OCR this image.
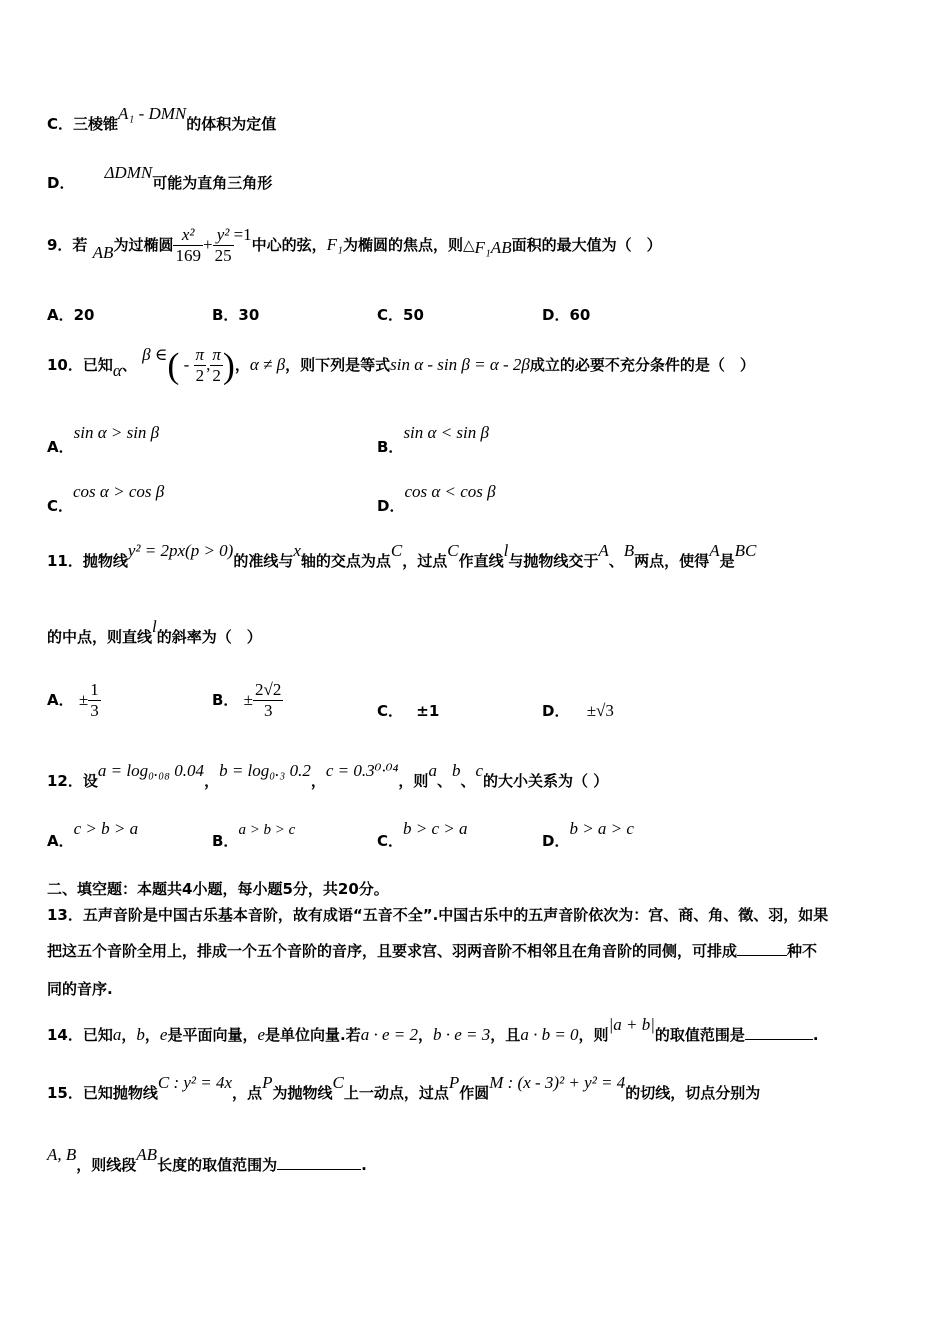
C．三棱锥A₁ - DMN的体积为定值
D．ΔDMN可能为直角三角形
9．若 AB为过椭圆 $\frac{\text{x²}}{169} + \frac{\text{y²}}{25} =1$中心的弦，F₁为椭圆的焦点，则△F₁AB面积的最大值为（　）
A．20	B．30	C．50	D．60
10．已知α、 β ∈( - $\frac{\pi}{2}$ , $\frac{\pi}{2}$ )，α ≠ β，则下列是等式sin α - sin β = α - 2β成立的必要不充分条件的是（　）
A．sin α > sin β
B．sin α < sin β
C．cos α > cos β
D．cos α < cos β
11．抛物线y² = 2px(p > 0)的准线与x轴的交点为点C，过点C作直线l与抛物线交于A、B两点，使得A是BC
的中点，则直线l的斜率为（　）
A． ± $\frac{1}{3}$	B． ± $\frac{2√2}{3}$	C． ±1	D． ±√3
12．设a = log₀.₀₈ 0.04，b = log₀.₃ 0.2，c = 0.3⁰·⁰⁴，则a、b、c的大小关系为（ ）
A．c > b > a
B．a > b > c
C．b > c > a
D．b > a > c
二、填空题：本题共4小题，每小题5分，共20分。
13．五声音阶是中国古乐基本音阶，故有成语“五音不全”.中国古乐中的五声音阶依次为：宫、商、角、徵、羽，如果
把这五个音阶全用上，排成一个五个音阶的音序，且要求宫、羽两音阶不相邻且在角音阶的同侧，可排成	种不
同的音序.
14．已知a，b，e是平面向量，e是单位向量.若a · e = 2，b · e = 3，且a · b = 0，则|a + b|的取值范围是	.
15．已知抛物线C : y² = 4x，点P为抛物线C上一动点，过点P作圆M : (x - 3)² + y² = 4的切线，切点分别为
A, B，则线段AB长度的取值范围为	.
